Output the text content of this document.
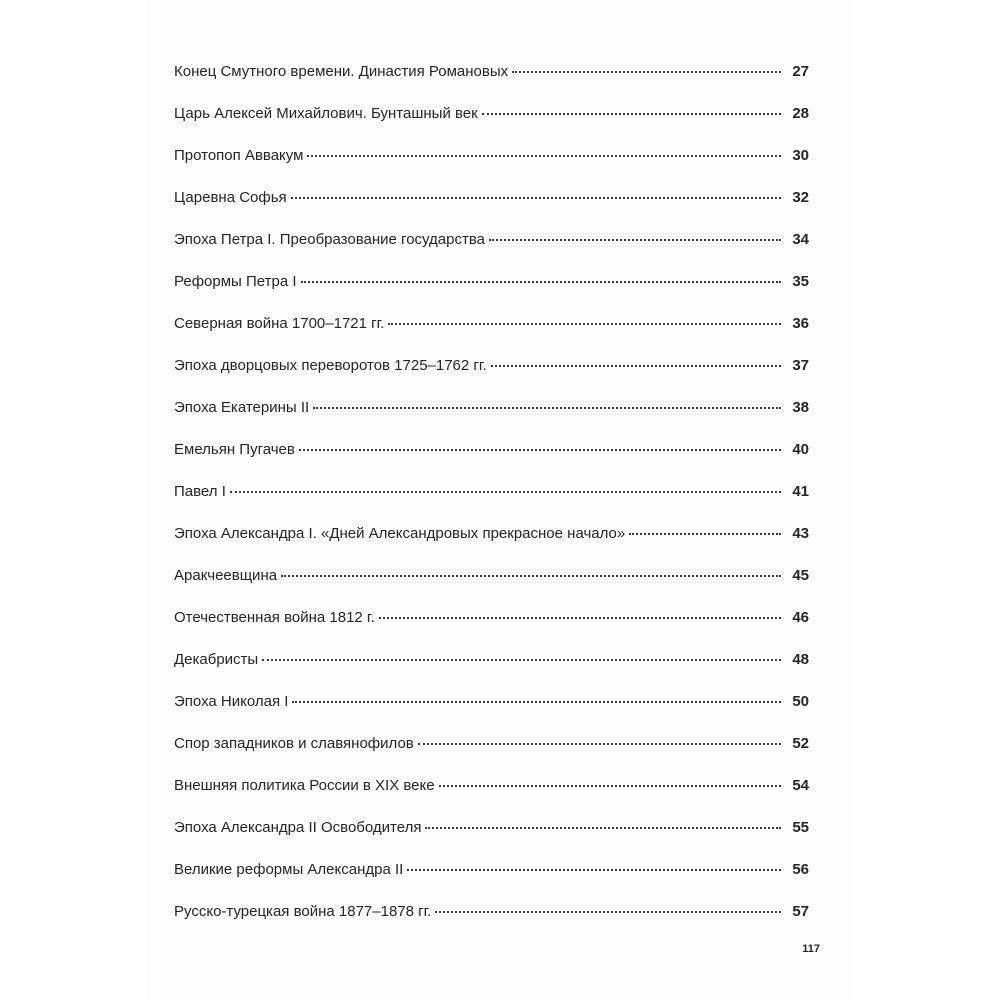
Конец Смутного времени. Династия Романовых	27
Царь Алексей Михайлович. Бунташный век	28
Протопоп Аввакум	30
Царевна Софья	32
Эпоха Петра I. Преобразование государства	34
Реформы Петра I	35
Северная война 1700–1721 гг.	36
Эпоха дворцовых переворотов 1725–1762 гг.	37
Эпоха Екатерины II	38
Емельян Пугачев	40
Павел I	41
Эпоха Александра I. «Дней Александровых прекрасное начало»	43
Аракчеевщина	45
Отечественная война 1812 г.	46
Декабристы	48
Эпоха Николая I	50
Спор западников и славянофилов	52
Внешняя политика России в XIX веке	54
Эпоха Александра II Освободителя	55
Великие реформы Александра II	56
Русско-турецкая война 1877–1878 гг.	57
117
